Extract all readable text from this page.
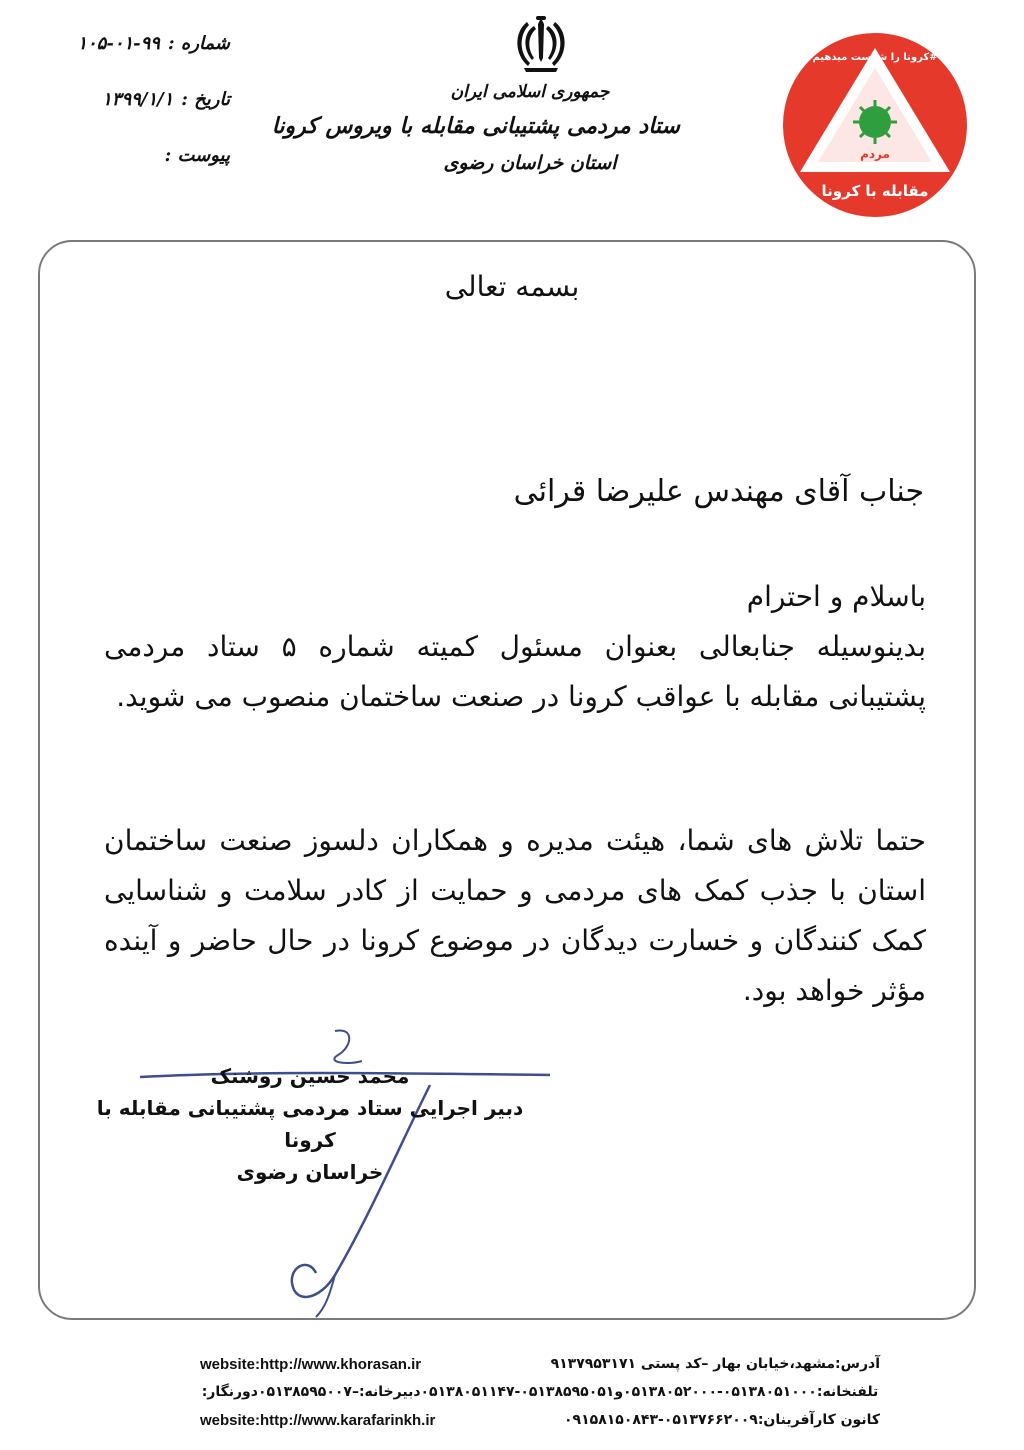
شماره :۹۹-۰۱-۱۰۵
تاریخ :۱۳۹۹/۱/۱
پیوست :
جمهوری اسلامی ایران
ستاد مردمی پشتیبانی مقابله با ویروس کرونا
استان خراسان رضوی	مردم
مقابله با کرونا
#کرونا را شکست میدهیم
بسمه تعالی
جناب آقای مهندس علیرضا قرائی
باسلام و احترام
بدینوسیله جنابعالی بعنوان مسئول کمیته شماره ۵ ستاد مردمی پشتیبانی مقابله با عواقب کرونا در صنعت ساختمان منصوب می شوید.
حتما تلاش های شما، هیئت مدیره و همکاران دلسوز صنعت ساختمان استان با جذب کمک های مردمی و حمایت از کادر سلامت و شناسایی کمک کنندگان و خسارت دیدگان در موضوع کرونا در حال حاضر و آینده مؤثر خواهد بود.
محمد حسین روشنک
دبیر اجرایی ستاد مردمی پشتیبانی مقابله با کرونا
خراسان رضوی
website:http://www.khorasan.ir	آدرس:مشهد،خیابان بهار –کد پستی ۹۱۳۷۹۵۳۱۷۱
تلفنخانه:۰۵۱۳۸۰۵۱۰۰۰-۰۵۱۳۸۰۵۲۰۰۰و۰۵۱۳۸۵۹۵۰۵۱-۰۵۱۳۸۰۵۱۱۴۷دبیرخانه:–۰۵۱۳۸۵۹۵۰۰۷دورنگار:
website:http://www.karafarinkh.ir	کانون کارآفرینان:۰۵۱۳۷۶۶۲۰۰۹-۰۹۱۵۸۱۵۰۸۴۳
